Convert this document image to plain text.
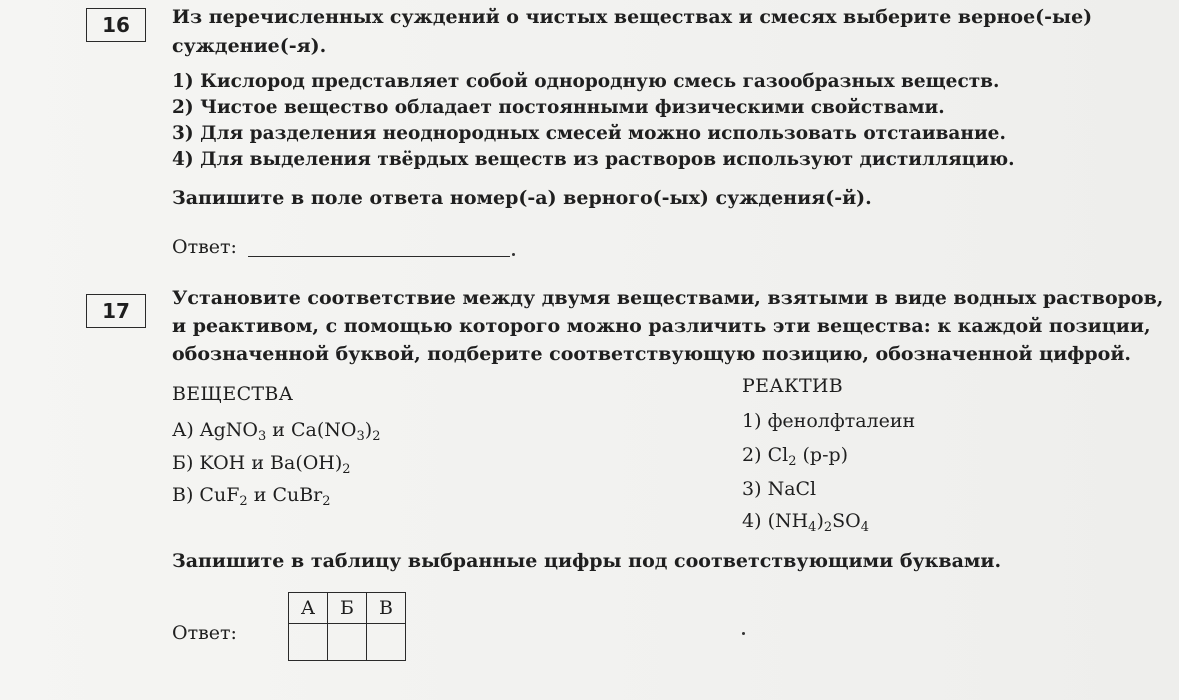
16	Из перечисленных суждений о чистых веществах и смесях выберите верное(-ые)
суждение(-я).
1) Кислород представляет собой однородную смесь газообразных веществ.
2) Чистое вещество обладает постоянными физическими свойствами.
3) Для разделения неоднородных смесей можно использовать отстаивание.
4) Для выделения твёрдых веществ из растворов используют дистилляцию.
Запишите в поле ответа номер(-а) верного(-ых) суждения(-й).
Ответ:
17
Установите соответствие между двумя веществами, взятыми в виде водных растворов,
и реактивом, с помощью которого можно различить эти вещества: к каждой позиции,
обозначенной буквой, подберите соответствующую позицию, обозначенной цифрой.
ВЕЩЕСТВА	РЕАКТИВ
А) AgNO$_3$ и $Ca(NO_3)_2$
Б) KOH и $Ba(OH)_2$
В) CuF$_2$ и CuBr$_2$
1) фенолфталеин
2) $Cl_2$ (р-р)
3) NaCl
4) $(NH_4)_2SO_4$
Запишите в таблицу выбранные цифры под соответствующими буквами.
Ответ:
А	Б	В
